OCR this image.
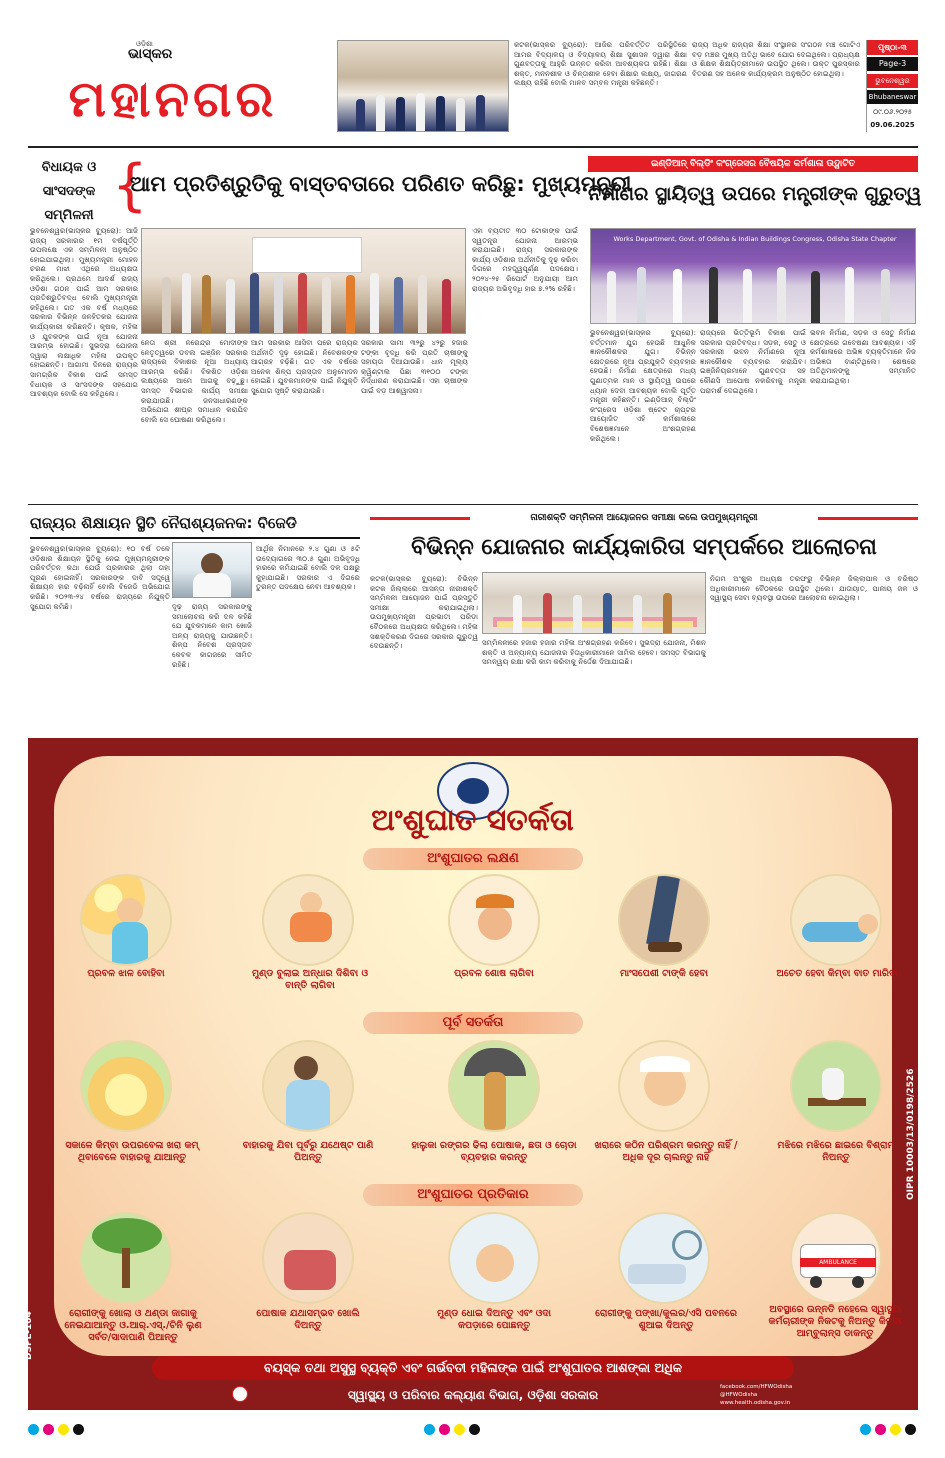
ଓଡ଼ିଶା
ଭାସ୍କର
ମହାନଗର
କଟକ(ଭାସ୍କର ବ୍ୟୁରୋ): ଆଜିର ପରିବର୍ତ୍ତିତ ପରିସ୍ଥିତିରେ ଆମର ବିଦ୍ୟାଳୟ ଓ ବିଦ୍ୟାଳୟ ଶିକ୍ଷା ସୁଶାସନ ଦ୍ୱାରା ଶିକ୍ଷା ଗୁଣବତ୍ତାକୁ ଆହୁରି ଉନ୍ନତ କରିବା ଆବଶ୍ୟକତା ରହିଛି। ଶିକ୍ଷା ଶକ୍ତ, ମନନଶୀଳ ଓ ଚିନ୍ତାଶୀଳ ହେବା ଶିକ୍ଷାର ଲକ୍ଷ୍ୟ, ଜାଗରଣ ଲକ୍ଷ୍ୟ ରହିଛି ବୋଲି ମାନବ ସମ୍ବଳ ମନ୍ତ୍ରୀ କହିଛନ୍ତି।
ରାଜ୍ୟ ଅଧିକ ରାଜ୍ୟର ଶିକ୍ଷା ସଂସ୍ଥାନର ସଂଗଠନ ମଞ୍ଚ ଗୋଟିଏ ବଡ଼ ମଞ୍ଚର ମୁଖ୍ୟ ଅତିଥି ଭାବେ ଯୋଗ ଦେଇଥିଲେ। ପ୍ରାଧ୍ୟକ୍ଷ ଓ ଶିକ୍ଷକ ଶିକ୍ଷୟିତ୍ରୀମାନେ ଉପସ୍ଥିତ ଥିଲେ। ଉକ୍ତ ପୁରସ୍କାର ବିତରଣ ସହ ଅନେକ କାର୍ଯ୍ୟକ୍ରମ ଅନୁଷ୍ଠିତ ହୋଇଥିଲା।
ପୃଷ୍ଠା-୩
Page-3
ଭୁବନେଶ୍ୱର
Bhubaneswar
୦୯.୦୬.୨୦୨୫
09.06.2025
ବିଧାୟକ ଓ ସାଂସଦଙ୍କ ସମ୍ମିଳନୀ {
ଆମ ପ୍ରତିଶ୍ରୁତିକୁ ବାସ୍ତବତାରେ ପରିଣତ କରିଛୁ: ମୁଖ୍ୟମନ୍ତ୍ରୀ
ଭୁବନେଶ୍ୱର(ଭାସ୍କର ବ୍ୟୁରୋ): ଆଜି ରାଜ୍ୟ ସରକାରର ୧ମ ବର୍ଷପୂର୍ତ୍ତି ଉପଲକ୍ଷେ ଏକ ସମ୍ମିଳନୀ ଅନୁଷ୍ଠିତ ହୋଇଯାଇଥିଲା। ମୁଖ୍ୟମନ୍ତ୍ରୀ ମୋହନ ଚରଣ ମାଝୀ ଏଥିରେ ଅଧ୍ୟକ୍ଷତା କରିଥିଲେ। ପ୍ରଥମେ ଆଦର୍ଶ ରାଜ୍ୟ ଓଡ଼ିଶା ଗଠନ ପାଇଁ ଆମ ସରକାର ପ୍ରତିଶ୍ରୁତିବଦ୍ଧ ବୋଲି ମୁଖ୍ୟମନ୍ତ୍ରୀ କହିଥିଲେ। ଗତ ଏକ ବର୍ଷ ମଧ୍ୟରେ ସରକାର ବିଭିନ୍ନ ଜନହିତକର ଯୋଜନା କାର୍ଯ୍ୟକାରୀ କରିଛନ୍ତି। କୃଷକ, ମହିଳା ଓ ଯୁବକଙ୍କ ପାଇଁ ନୂଆ ଯୋଜନା ଆରମ୍ଭ ହୋଇଛି। ସୁଭଦ୍ରା ଯୋଜନା ଦ୍ୱାରା ଲକ୍ଷାଧିକ ମହିଳା ଉପକୃତ ହୋଇଛନ୍ତି। ଆଗାମୀ ଦିନରେ ରାଜ୍ୟର ସାମଗ୍ରିକ ବିକାଶ ପାଇଁ ସମସ୍ତ ବିଧାୟକ ଓ ସାଂସଦଙ୍କ ସହଯୋଗ ଆବଶ୍ୟକ ବୋଲି ସେ କହିଥିଲେ।
ନେତା ଶ୍ରୀ ନରେନ୍ଦ୍ର ମୋଦୀଙ୍କ ନେତୃତ୍ୱରେ ଡବଲ ଇଞ୍ଜିନ ସରକାର ରାଜ୍ୟରେ ବିକାଶର ନୂଆ ଅଧ୍ୟାୟ ଆରମ୍ଭ କରିଛି। ବିକଶିତ ଓଡ଼ିଶା ଲକ୍ଷ୍ୟରେ ଆମେ ଆଗକୁ ବଢ଼ୁଛୁ। ସମସ୍ତ ବିଭାଗର କାର୍ଯ୍ୟ ସମୀକ୍ଷା କରାଯାଉଛି। ଜନସାଧାରଣଙ୍କ ଅଭିଯୋଗ ଶୀଘ୍ର ସମାଧାନ କରାଯିବ ବୋଲି ସେ ଘୋଷଣା କରିଥିଲେ।
ଆମ ସରକାର ଆସିବା ପରେ ରାଜ୍ୟର ଅର୍ଥନୀତି ଦୃଢ଼ ହୋଇଛି। ନିବେଶକଙ୍କ ଆଗ୍ରହ ବଢ଼ିଛି। ଗତ ଏକ ବର୍ଷରେ ଅନେକ ଶିଳ୍ପ ପ୍ରସ୍ତାବ ଅନୁମୋଦନ ହୋଇଛି। ଯୁବକମାନଙ୍କ ପାଇଁ ନିଯୁକ୍ତି ସୁଯୋଗ ସୃଷ୍ଟି କରାଯାଉଛି।
ସରକାର ସାମା ୩୨ରୁ ୪୨ରୁ ହଜାର ଟଙ୍କା ବୃଦ୍ଧି କରି ପ୍ରତି ଚାଷୀଙ୍କୁ ସହାୟତା ଦିଆଯାଉଛି। ଧାନ ମୂଲ୍ୟ କ୍ୱିଣ୍ଟାଲ ପିଛା ୩୧୦୦ ଟଙ୍କା ନିର୍ଦ୍ଧାରଣ କରାଯାଇଛି। ଏହା ଚାଷୀଙ୍କ ପାଇଁ ବଡ଼ ଆଶ୍ୱାସନା।
ଏହା ବ୍ୟତୀତ ୩୦ ଟୋକାଙ୍କ ପାଇଁ ସ୍ୱତନ୍ତ୍ର ଯୋଜନା ଆରମ୍ଭ କରାଯାଇଛି। ରାଜ୍ୟ ସରକାରଙ୍କ କାର୍ଯ୍ୟ ଓଡ଼ିଶାର ଅର୍ଥନୀତିକୁ ଦୃଢ଼ କରିବା ଦିଗରେ ମହତ୍ତ୍ୱପୂର୍ଣ୍ଣ ପଦକ୍ଷେପ। ୨୦୨୪-୨୫ ରିପୋର୍ଟ ଅନୁଯାୟୀ ଆମ ରାଜ୍ୟର ଅଭିବୃଦ୍ଧି ହାର ୭.୨% ରହିଛି।
ଇଣ୍ଡିଆନ୍ ବିଲ୍ଡିଂ କଂଗ୍ରେସର ବୈଷୟିକ କର୍ମଶାଳା ଉଦ୍ଘାଟିତ
ନିର୍ମାଣର ସ୍ଥାୟିତ୍ୱ ଉପରେ ମନ୍ତ୍ରୀଙ୍କ ଗୁରୁତ୍ୱ
Works Department, Govt. of Odisha & Indian Buildings Congress, Odisha State Chapter
ଭୁବନେଶ୍ୱର(ଭାସ୍କର ବ୍ୟୁରୋ): ବର୍ତ୍ତମାନ ଯୁଗ ହେଉଛି ଆଧୁନିକ ଜ୍ଞାନକୌଶଳର ଯୁଗ। ବିଭିନ୍ନ କ୍ଷେତ୍ରରେ ନୂଆ ପ୍ରଯୁକ୍ତି ବ୍ୟବହାର ହେଉଛି। ନିର୍ମାଣ କ୍ଷେତ୍ରରେ ମଧ୍ୟ ଗୁଣାତ୍ମକ ମାନ ଓ ସ୍ଥାୟିତ୍ୱ ଉପରେ ଧ୍ୟାନ ଦେବା ଆବଶ୍ୟକ ବୋଲି ପୂର୍ତ୍ତ ମନ୍ତ୍ରୀ କହିଛନ୍ତି। ଇଣ୍ଡିଆନ୍ ବିଲ୍ଡିଂ କଂଗ୍ରେସ ଓଡ଼ିଶା ଷ୍ଟେଟ ଚାପ୍ଟର ଆୟୋଜିତ ଏହି କର୍ମଶାଳାରେ ବିଶେଷଜ୍ଞମାନେ ଅଂଶଗ୍ରହଣ କରିଥିଲେ।
ରାଜ୍ୟରେ ଭିତ୍ତିଭୂମି ବିକାଶ ପାଇଁ ସରକାର ପ୍ରତିବଦ୍ଧ। ସଡ଼କ, ସେତୁ ଓ ସରକାରୀ ଭବନ ନିର୍ମାଣରେ ନୂଆ ଜ୍ଞାନକୌଶଳ ବ୍ୟବହାର କରାଯିବ। ଇଞ୍ଜିନିୟରମାନେ ଗୁଣବତ୍ତା ସହ କୌଣସି ଆପୋଷ ନକରିବାକୁ ମନ୍ତ୍ରୀ ପରାମର୍ଶ ଦେଇଥିଲେ।
ଭବନ ନିର୍ମାଣ, ସଡ଼କ ଓ ସେତୁ ନିର୍ମାଣ କ୍ଷେତ୍ରରେ ଗବେଷଣା ଆବଶ୍ୟକ। ଏହି କର୍ମଶାଳାରେ ଅଭିଜ୍ଞ ବ୍ୟକ୍ତିମାନେ ନିଜ ଅଭିଜ୍ଞତା ବାଣ୍ଟିଥିଲେ। ଶେଷରେ ଅତିଥିମାନଙ୍କୁ ସମ୍ମାନିତ କରାଯାଇଥିଲା।
ରାଜ୍ୟର ଶିକ୍ଷାୟନ ସ୍ଥିତି ନୈରାଶ୍ୟଜନକ: ବିଜେଡି
ଭୁବନେଶ୍ୱର(ଭାସ୍କର ବ୍ୟୁରୋ): ୧୦ ବର୍ଷ ତଳେ ଓଡ଼ିଶାର ଶିକ୍ଷାୟନ ସ୍ଥିତିକୁ ନେଇ ମୁଖ୍ୟମନ୍ତ୍ରୀଙ୍କ ପରିବର୍ତ୍ତନ କଥା ଯେଉଁ ପ୍ରକାରର ଥିଲା ତାହା ପୂରଣ ହୋଇନାହିଁ। ସରକାରଙ୍କ ଦାବି ସତ୍ତ୍ୱେ ଶିକ୍ଷାୟନ ହାର ବଢ଼ିନାହିଁ ବୋଲି ବିଜେଡି ଅଭିଯୋଗ କରିଛି। ୨୦୨୩-୨୪ ବର୍ଷରେ ରାଜ୍ୟରେ ନିଯୁକ୍ତି ସୁଯୋଗ କମିଛି।
ଆର୍ଥିକ ନିମାନରେ ୨.୪ ଗୁଣା ଓ ୫ଟି ଉଦ୍ୟୋଗରେ ୩୦.୫ ଗୁଣା ଅଭିବୃଦ୍ଧି ହାରରେ କମିଯାଇଛି ବୋଲି ଦଳ ପକ୍ଷରୁ କୁହାଯାଇଛି। ସରକାର ଏ ଦିଗରେ ତୁରନ୍ତ ପଦକ୍ଷେପ ନେବା ଆବଶ୍ୟକ।
ଦୃଢ଼ ରାଜ୍ୟ ସରକାରଙ୍କୁ ସମାଲୋଚନା କରି ଦଳ କହିଛି ଯେ ଯୁବକମାନେ କାମ ଖୋଜି ଅନ୍ୟ ରାଜ୍ୟକୁ ଯାଉଛନ୍ତି। ଶିଳ୍ପ ନିବେଶ ପ୍ରସ୍ତାବ କେବଳ କାଗଜରେ ସୀମିତ ରହିଛି।
ନାରୀଶକ୍ତି ସମ୍ମିଳନୀ ଆୟୋଜନର ସମୀକ୍ଷା କଲେ ଉପମୁଖ୍ୟମନ୍ତ୍ରୀ
ବିଭିନ୍ନ ଯୋଜନାର କାର୍ଯ୍ୟକାରିତା ସମ୍ପର୍କରେ ଆଲୋଚନା
କଟକ(ଭାସ୍କର ବ୍ୟୁରୋ): ବିଭିନ୍ନ କଟକ ଜିଲ୍ଲାରେ ଆସନ୍ତା ନାରୀଶକ୍ତି ସମ୍ମିଳନୀ ଆୟୋଜନ ପାଇଁ ପ୍ରସ୍ତୁତି ସମୀକ୍ଷା କରାଯାଇଥିଲା। ଉପମୁଖ୍ୟମନ୍ତ୍ରୀ ପ୍ରଭାତୀ ପରିଡ଼ା ବୈଠକରେ ଅଧ୍ୟକ୍ଷତା କରିଥିଲେ। ମହିଳା ସଶକ୍ତିକରଣ ଦିଗରେ ସରକାର ଗୁରୁତ୍ୱ ଦେଉଛନ୍ତି।	ସମ୍ମିଳନୀରେ ହଜାର ହଜାର ମହିଳା ଅଂଶଗ୍ରହଣ କରିବେ। ସୁଭଦ୍ରା ଯୋଜନା, ମିଶନ ଶକ୍ତି ଓ ଅନ୍ୟାନ୍ୟ ଯୋଜନାର ହିତାଧିକାରୀମାନେ ସାମିଲ ହେବେ। ସମସ୍ତ ବିଭାଗକୁ ସମନ୍ୱୟ ରକ୍ଷା କରି କାମ କରିବାକୁ ନିର୍ଦ୍ଦେଶ ଦିଆଯାଇଛି।
ନିଗମ ଅଂଶୁଲ ଅଧ୍ୟକ୍ଷ ତରଫରୁ ବିଭିନ୍ନ ଜିଲ୍ଲାପାଳ ଓ ବରିଷ୍ଠ ଅଧିକାରୀମାନେ ବୈଠକରେ ଉପସ୍ଥିତ ଥିଲେ। ଯାତାୟାତ, ପାନୀୟ ଜଳ ଓ ସ୍ୱାସ୍ଥ୍ୟ ସେବା ବ୍ୟବସ୍ଥା ଉପରେ ଆଲୋଚନା ହୋଇଥିଲା।
ଅଂଶୁଘାତ ସତର୍କତା
ଅଂଶୁଘାତର ଲକ୍ଷଣ
ପ୍ରବଳ ଝାଳ ବୋହିବା	ମୁଣ୍ଡ ବୁଲାଇ ଅନ୍ଧାର ଦିଶିବା ଓ ବାନ୍ତି ଲାଗିବା
ପ୍ରବଳ ଶୋଷ ଲାଗିବା	ମାଂସପେଶୀ ଟାଙ୍କି ହେବା	ଅଚେତ ହେବା କିମ୍ବା ବାତ ମାରିବା
ପୂର୍ବ ସତର୍କତା
ସକାଳେ କିମ୍ବା ଉପରବେଳା ଖରା କମ୍ ଥିବାବେଳେ ବାହାରକୁ ଯାଆନ୍ତୁ
ବାହାରକୁ ଯିବା ପୂର୍ବରୁ ଯଥେଷ୍ଟ ପାଣି ପିଅନ୍ତୁ
ହାଲୁକା ରଙ୍ଗର ଢିଲା ପୋଷାକ, ଛତା ଓ ଚୋଡା ବ୍ୟବହାର କରନ୍ତୁ
ଖରାରେ କଠିନ ପରିଶ୍ରମ କରନ୍ତୁ ନାହିଁ /ଅଧିକ ଦୂର ଚାଲନ୍ତୁ ନାହିଁ
ମଝିରେ ମଝିରେ ଛାଇରେ ବିଶ୍ରାମ ନିଅନ୍ତୁ
ଅଂଶୁଘାତର ପ୍ରତିକାର
AMBULANCE
ରୋଗୀଙ୍କୁ ଖୋଲା ଓ ଥଣ୍ଡା ଜାଗାକୁ ନେଇଯାଆନ୍ତୁ ଓ.ଆର୍.ଏସ୍./ଚିନି ଲୁଣ ସର୍ବତ/ସାଦାପାଣି ପିଆନ୍ତୁ
ପୋଷାକ ଯଥାସମ୍ଭବ ଖୋଲି ଦିଅନ୍ତୁ
ମୁଣ୍ଡ ଧୋଇ ଦିଅନ୍ତୁ ଏବଂ ଓଦା କପଡ଼ାରେ ପୋଛନ୍ତୁ
ରୋଗୀଙ୍କୁ ପଙ୍ଖା/କୁଲର/ଏସି ପବନରେ ଶୁଆଇ ଦିଅନ୍ତୁ
ଅବସ୍ଥାରେ ଉନ୍ନତି ନହେଲେ ସ୍ୱାସ୍ଥ୍ୟ କର୍ମଚାରୀଙ୍କ ନିକଟକୁ ନିଅନ୍ତୁ କିମ୍ବା ଆମ୍ବୁଲାନ୍ସ ଡାକନ୍ତୁ
ବୟସ୍କ ତଥା ଅସୁସ୍ଥ ବ୍ୟକ୍ତି ଏବଂ ଗର୍ଭବତୀ ମହିଳାଙ୍କ ପାଇଁ ଅଂଶୁଘାତର ଆଶଙ୍କା ଅଧିକ
ସ୍ୱାସ୍ଥ୍ୟ ଓ ପରିବାର କଲ୍ୟାଣ ବିଭାଗ, ଓଡ଼ିଶା ସରକାର
facebook.com/HFWOdisha
@HFWOdisha
www.health.odisha.gov.in
DSPL-104
OIPR 10003/13/0198/2526
